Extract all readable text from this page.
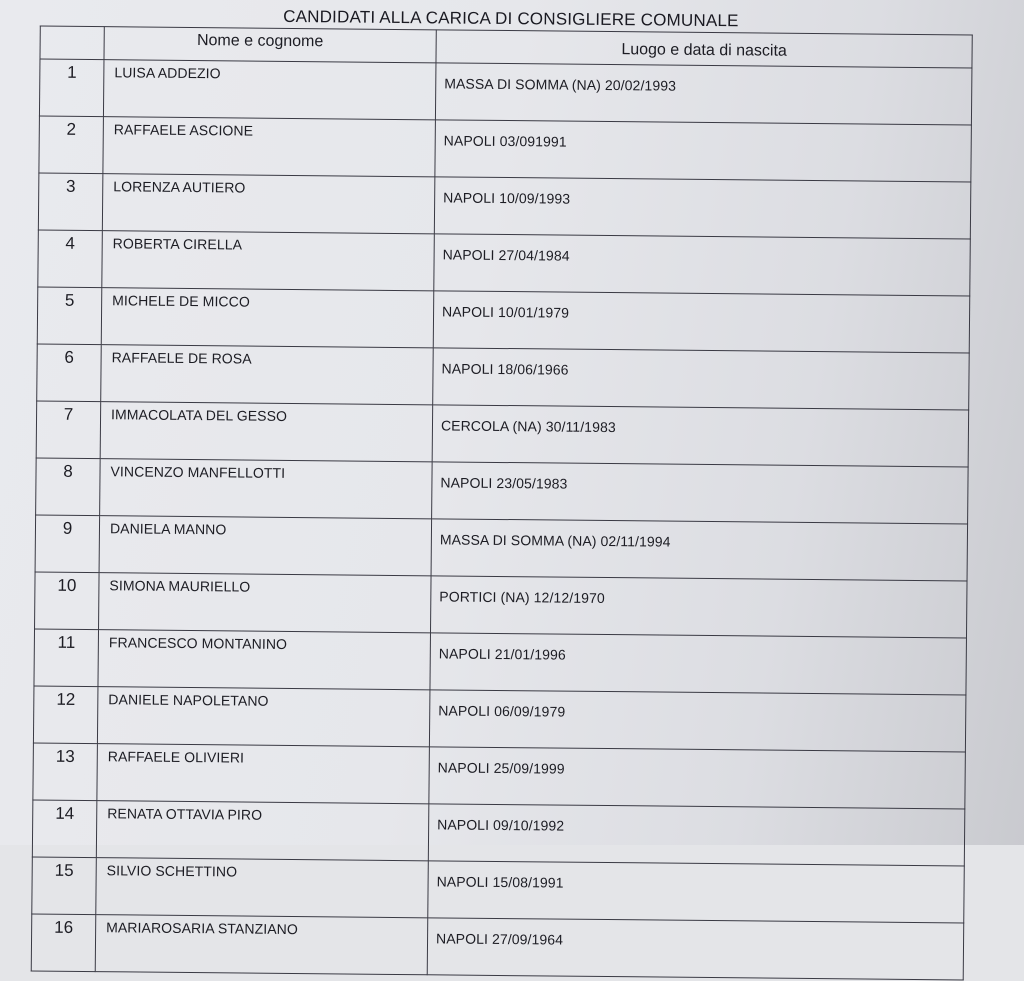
CANDIDATI ALLA CARICA DI CONSIGLIERE COMUNALE
	Nome e cognome	Luogo e data di nascita
1	LUISA ADDEZIO	MASSA DI SOMMA (NA) 20/02/1993
2	RAFFAELE ASCIONE	NAPOLI 03/091991
3	LORENZA AUTIERO	NAPOLI 10/09/1993
4	ROBERTA CIRELLA	NAPOLI 27/04/1984
5	MICHELE DE MICCO	NAPOLI 10/01/1979
6	RAFFAELE DE ROSA	NAPOLI 18/06/1966
7	IMMACOLATA DEL GESSO	CERCOLA (NA) 30/11/1983
8	VINCENZO MANFELLOTTI	NAPOLI 23/05/1983
9	DANIELA MANNO	MASSA DI SOMMA (NA) 02/11/1994
10	SIMONA MAURIELLO	PORTICI (NA) 12/12/1970
11	FRANCESCO MONTANINO	NAPOLI 21/01/1996
12	DANIELE NAPOLETANO	NAPOLI 06/09/1979
13	RAFFAELE OLIVIERI	NAPOLI 25/09/1999
14	RENATA OTTAVIA PIRO	NAPOLI 09/10/1992
15	SILVIO SCHETTINO	NAPOLI 15/08/1991
16	MARIAROSARIA STANZIANO	NAPOLI 27/09/1964
